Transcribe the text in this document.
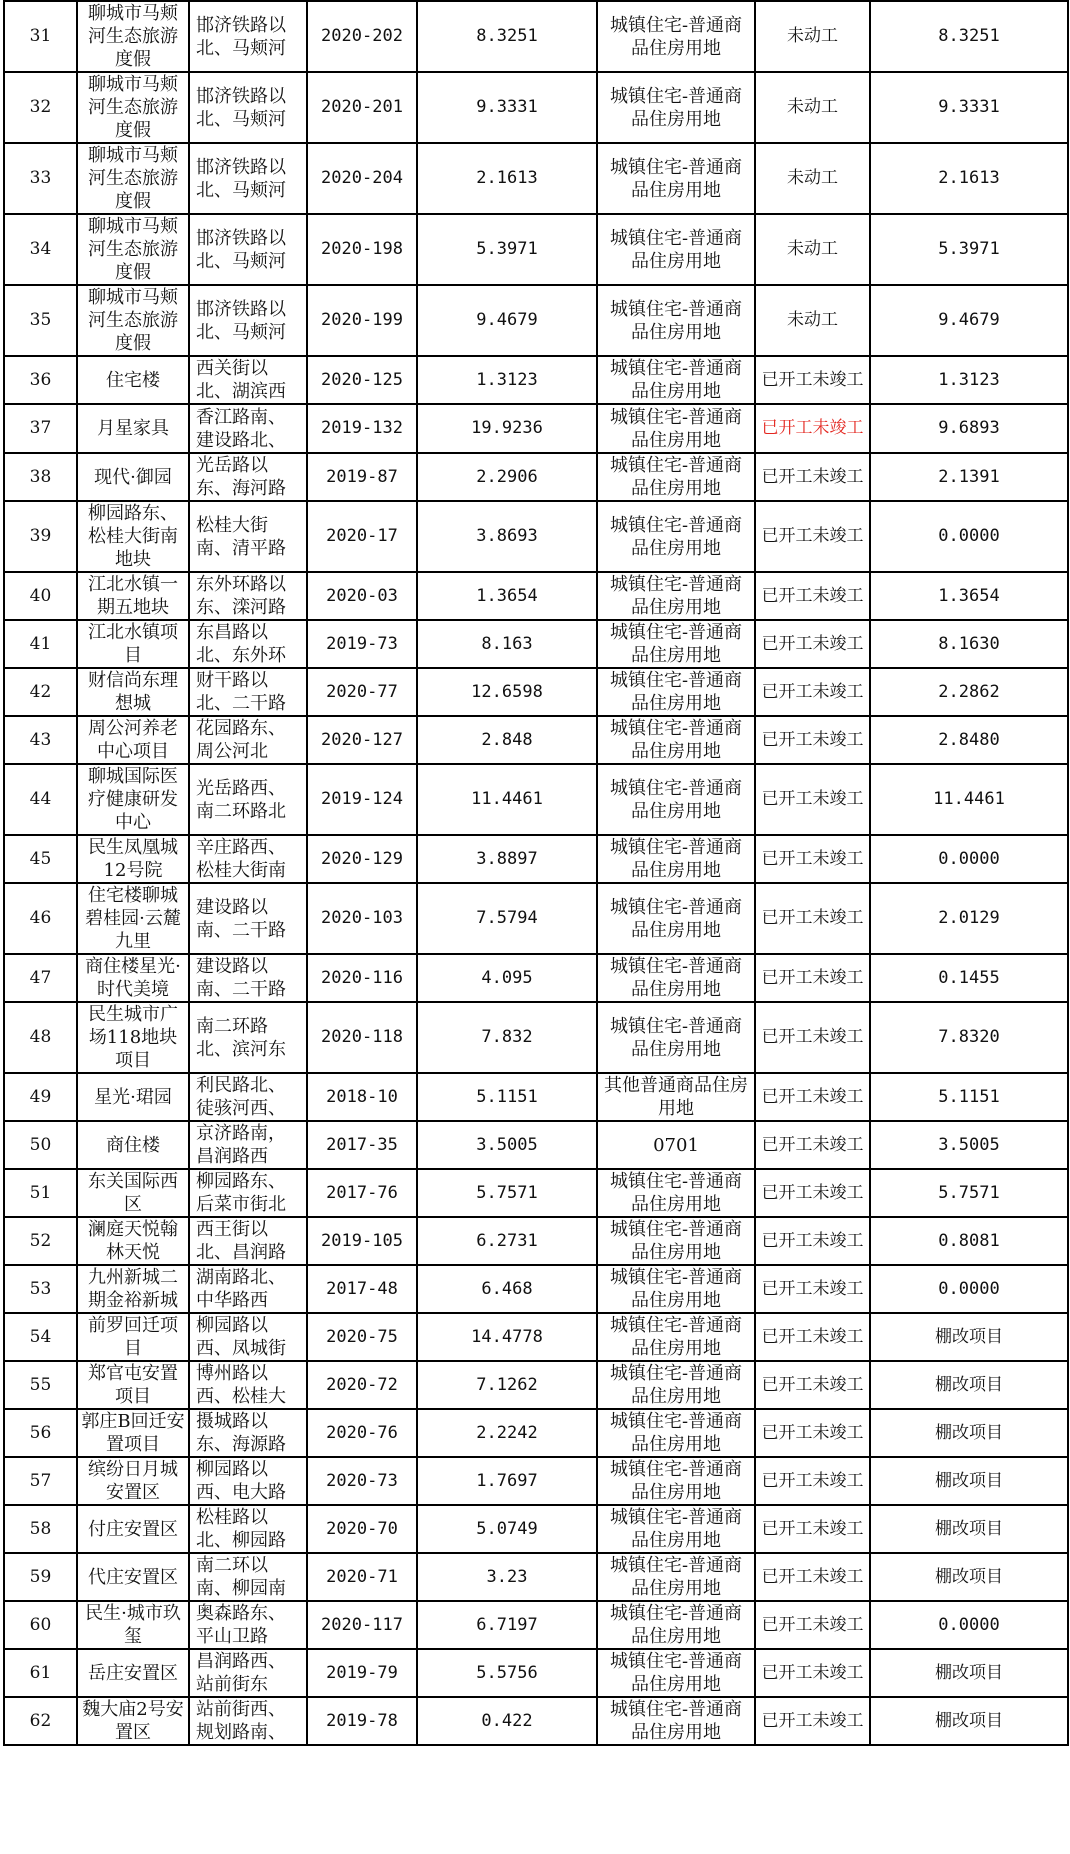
31	聊城市马颊河生态旅游度假	邯济铁路以北、马颊河	2020-202	8.3251	城镇住宅-普通商品住房用地	未动工	8.3251
32	聊城市马颊河生态旅游度假	邯济铁路以北、马颊河	2020-201	9.3331	城镇住宅-普通商品住房用地	未动工	9.3331
33	聊城市马颊河生态旅游度假	邯济铁路以北、马颊河	2020-204	2.1613	城镇住宅-普通商品住房用地	未动工	2.1613
34	聊城市马颊河生态旅游度假	邯济铁路以北、马颊河	2020-198	5.3971	城镇住宅-普通商品住房用地	未动工	5.3971
35	聊城市马颊河生态旅游度假	邯济铁路以北、马颊河	2020-199	9.4679	城镇住宅-普通商品住房用地	未动工	9.4679
36	住宅楼	西关街以北、湖滨西	2020-125	1.3123	城镇住宅-普通商品住房用地	已开工未竣工	1.3123
37	月星家具	香江路南、建设路北、	2019-132	19.9236	城镇住宅-普通商品住房用地	已开工未竣工	9.6893
38	现代·御园	光岳路以东、海河路	2019-87	2.2906	城镇住宅-普通商品住房用地	已开工未竣工	2.1391
39	柳园路东、松桂大街南地块	松桂大街南、清平路	2020-17	3.8693	城镇住宅-普通商品住房用地	已开工未竣工	0.0000
40	江北水镇一期五地块	东外环路以东、滦河路	2020-03	1.3654	城镇住宅-普通商品住房用地	已开工未竣工	1.3654
41	江北水镇项目	东昌路以北、东外环	2019-73	8.163	城镇住宅-普通商品住房用地	已开工未竣工	8.1630
42	财信尚东理想城	财干路以北、二干路	2020-77	12.6598	城镇住宅-普通商品住房用地	已开工未竣工	2.2862
43	周公河养老中心项目	花园路东、周公河北	2020-127	2.848	城镇住宅-普通商品住房用地	已开工未竣工	2.8480
44	聊城国际医疗健康研发中心	光岳路西、南二环路北	2019-124	11.4461	城镇住宅-普通商品住房用地	已开工未竣工	11.4461
45	民生凤凰城12号院	辛庄路西、松桂大街南	2020-129	3.8897	城镇住宅-普通商品住房用地	已开工未竣工	0.0000
46	住宅楼聊城碧桂园·云麓九里	建设路以南、二干路	2020-103	7.5794	城镇住宅-普通商品住房用地	已开工未竣工	2.0129
47	商住楼星光·时代美境	建设路以南、二干路	2020-116	4.095	城镇住宅-普通商品住房用地	已开工未竣工	0.1455
48	民生城市广场118地块项目	南二环路北、滨河东	2020-118	7.832	城镇住宅-普通商品住房用地	已开工未竣工	7.8320
49	星光·珺园	利民路北、徒骇河西、	2018-10	5.1151	其他普通商品住房用地	已开工未竣工	5.1151
50	商住楼	京济路南，昌润路西	2017-35	3.5005	0701	已开工未竣工	3.5005
51	东关国际西区	柳园路东、后菜市街北	2017-76	5.7571	城镇住宅-普通商品住房用地	已开工未竣工	5.7571
52	澜庭天悦翰林天悦	西王街以北、昌润路	2019-105	6.2731	城镇住宅-普通商品住房用地	已开工未竣工	0.8081
53	九州新城二期金裕新城	湖南路北、中华路西	2017-48	6.468	城镇住宅-普通商品住房用地	已开工未竣工	0.0000
54	前罗回迁项目	柳园路以西、凤城街	2020-75	14.4778	城镇住宅-普通商品住房用地	已开工未竣工	棚改项目
55	郑官屯安置项目	博州路以西、松桂大	2020-72	7.1262	城镇住宅-普通商品住房用地	已开工未竣工	棚改项目
56	郭庄B回迁安置项目	摄城路以东、海源路	2020-76	2.2242	城镇住宅-普通商品住房用地	已开工未竣工	棚改项目
57	缤纷日月城安置区	柳园路以西、电大路	2020-73	1.7697	城镇住宅-普通商品住房用地	已开工未竣工	棚改项目
58	付庄安置区	松桂路以北、柳园路	2020-70	5.0749	城镇住宅-普通商品住房用地	已开工未竣工	棚改项目
59	代庄安置区	南二环以南、柳园南	2020-71	3.23	城镇住宅-普通商品住房用地	已开工未竣工	棚改项目
60	民生·城市玖玺	奥森路东、平山卫路	2020-117	6.7197	城镇住宅-普通商品住房用地	已开工未竣工	0.0000
61	岳庄安置区	昌润路西、站前街东	2019-79	5.5756	城镇住宅-普通商品住房用地	已开工未竣工	棚改项目
62	魏大庙2号安置区	站前街西、规划路南、	2019-78	0.422	城镇住宅-普通商品住房用地	已开工未竣工	棚改项目
